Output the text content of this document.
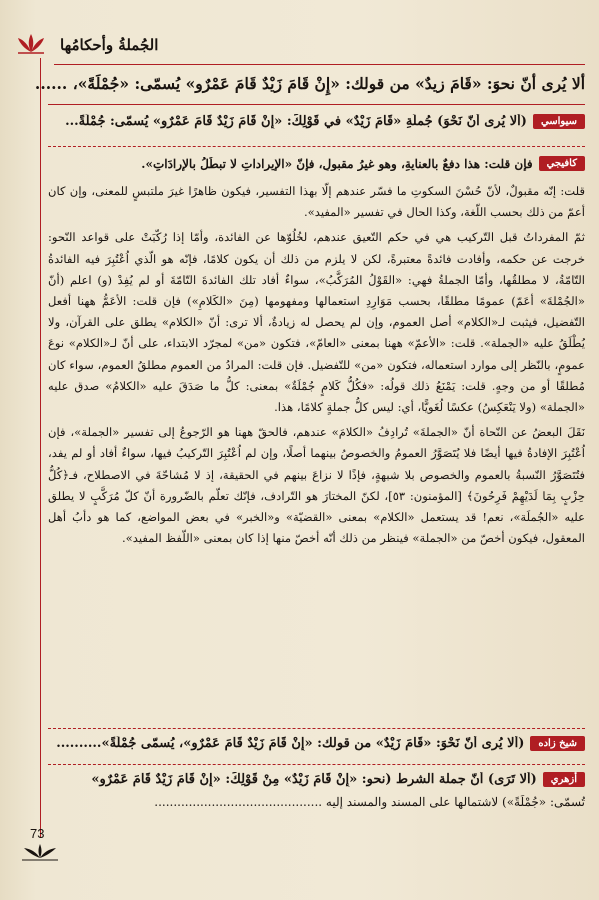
الجُملةُ وأحكامُها
ألا يُرى أنّ نحوَ: «قَامَ زيدٌ» من قولك: «إِنْ قَامَ زَيْدٌ قَامَ عَمْرٌو» يُسمّى: «جُمْلَةً»، ......
سيواسي
(ألا يُرى أنّ نَحْوَ) جُملَةِ «قَامَ زَيْدٌ» في قَوْلِكَ: «إِنْ قَامَ زَيْدٌ قَامَ عَمْرٌو» يُسمّى: جُمْلَةً...
كافيجي
فإن قلت: هذا دفعٌ بالعنايةِ، وهو غيرُ مقبولٍ، فإنّ «الإيراداتِ لا تبطُلُ بالإرادَاتِ».

قلت: إنّه مقبولٌ، لأنّ حُسْنَ السكوتِ ما فسّر عندهم إلّا بهذا التفسير، فيكون ظاهرًا غيرَ ملتبسٍ للمعنى، وإن كان أعمّ من ذلك بحسب اللّغة، وكذا الحال في تفسير «المفيد».

ثمّ المفرداتُ قبل التّركيب هي في حكم التّعيق عندهم، لخُلُوّها عن الفائدة، وأمّا إذا رُكّبَتْ على قواعد النّحو: خرجت عن حكمه، وأفادت فائدةً معتبرةً، لكن لا يلزم من ذلك أن يكون كلامًا، فإنّه هو الّذي اُعْتُبِرَ فيه الفائدةُ التّامّةُ، لا مطلقُها، وأمّا الجملةُ فهي: «القَوْلُ المُرَكَّبُ»، سواءٌ أفاد تلك الفائدةَ التّامّةَ أو لم يُفِدْ (و) اعلم (أنّ «الجُمْلةَ» أعَمّ) عمومًا مطلقًا، بحسب مَوَارِدِ استعمالها ومفهومها (مِنَ «الكَلامِ») فإن قلت: الأعَمُّ ههنا أفعل التّفضيل، فيثبت لـ«الكلام» أصل العموم، وإن لم يحصل له زيادةٌ، ألا ترى: أنّ «الكلام» يطلق على القرآن، ولا يُطْلَقُ عليه «الجملة». قلت: «الأعمّ» ههنا بمعنى «العامّ»، فتكون «من» لمجرّد الابتداء، على أنّ لـ«الكلام» نوعَ عمومٍ، بالنّظر إلى موارد استعماله، فتكون «من» للتّفضيل. فإن قلت: المرادُ من العموم مطلقُ العموم، سواء كان مُطلقًا أو من وجهٍ. قلت: يَمْنَعُ ذلك قولُه: «فكُلُّ كَلامٍ جُمْلَةٌ» بمعنى: كلُّ ما صَدَقَ عليه «الكلامُ» صدق عليه «الجملة» (ولا يَنْعَكِسُ) عكسًا لُغَويًّا، أي: ليس كلُّ جملةٍ كلامًا، هذا.

نَقَلَ البعضُ عن النّحاة أنّ «الجملةَ» تُرادِفُ «الكلامَ» عندهم، فالحقّ ههنا هو الرّجوعُ إلى تفسير «الجملة»، فإن اُعْتُبِرَ الإفادةُ فيها أيضًا فلا يُتَصَوَّرُ العمومُ والخصوصُ بينهما أصلًا، وإن لم اُعْتُبِرَ التّركيبُ فيها، سواءٌ أفاد أو لم يفد، فتُتَصَوَّرُ النّسبةُ بالعموم والخصوص بلا شبهةٍ، فإذًا لا نزاعَ بينهم في الحقيقة، إذ لا مُشاحّةَ في الاصطلاح، فـ﴿كُلُّ حِزْبٍ بِمَا لَدَيْهِمْ فَرِحُونَ﴾ [المؤمنون: ٥٣]، لكنّ المختارَ هو التّرادف، فإنّك تعلّم بالضّرورة أنّ كلّ مُرَكَّبٍ لا يطلق عليه «الجُملَة»، نعم! قد يستعمل «الكلام» بمعنى «القضيّة» و«الخبر» في بعض المواضع، كما هو دأبُ أهل المعقول، فيكون أخصّ من «الجملة» فينظر من ذلك أنّه أخصّ منها إذا كان بمعنى «اللّفظ المفيد».

شيخ زاده
(ألا يُرى أنّ نَحْوَ: «قَامَ زَيْدٌ» من قولك: «إِنْ قَامَ زَيْدٌ قَامَ عَمْرٌو»، يُسمّى جُمْلَةً»..........
أزهري
(ألا تَرَى) أنّ جملة الشرط (نحو: «إِنْ قَامَ زَيْدٌ» مِنْ قَوْلِكَ: «إِنْ قَامَ زَيْدٌ قَامَ عَمْرٌو»
تُسمّى: «جُمْلَةً») لاشتمالها على المسند والمسند إليه ............................................
73
